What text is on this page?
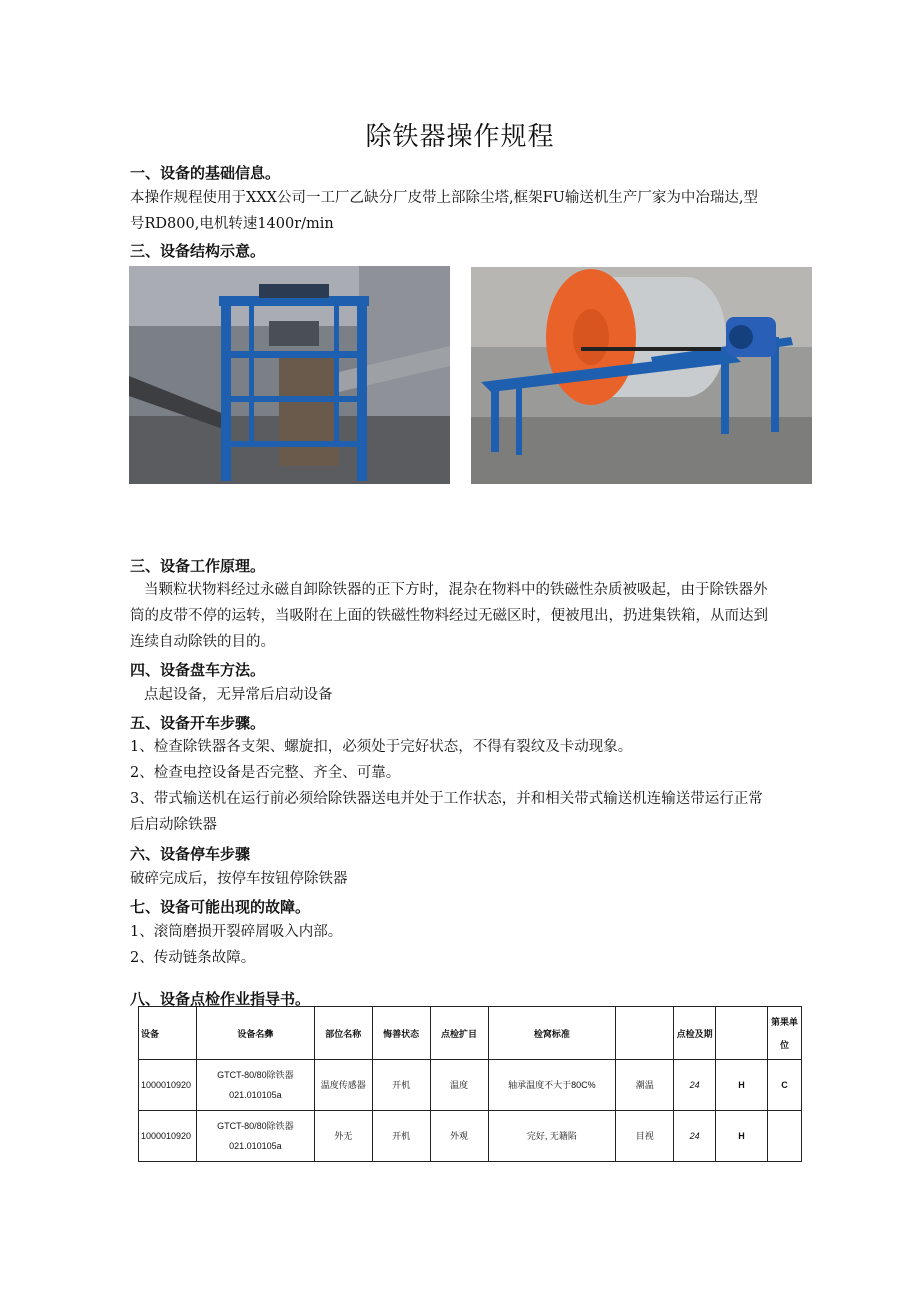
除铁器操作规程
一、设备的基础信息。
本操作规程使用于XXX公司一工厂乙缺分厂皮带上部除尘塔,框架FU输送机生产厂家为中冶瑞达,型
号RD800,电机转速1400r/min
三、设备结构示意。
三、设备工作原理。
当颗粒状物料经过永磁自卸除铁器的正下方时，混杂在物料中的铁磁性杂质被吸起，由于除铁器外
筒的皮带不停的运转，当吸附在上面的铁磁性物料经过无磁区时，便被甩出，扔进集铁箱，从而达到
连续自动除铁的目的。
四、设备盘车方法。
点起设备，无异常后启动设备
五、设备开车步骤。
1、检查除铁器各支架、螺旋扣，必须处于完好状态，不得有裂纹及卡动现象。
2、检查电控设备是否完整、齐全、可靠。
3、带式输送机在运行前必须给除铁器送电并处于工作状态，并和相关带式输送机连输送带运行正常
后启动除铁器
六、设备停车步骤
破碎完成后，按停车按钮停除铁器
七、设备可能出现的故障。
1、滚筒磨损开裂碎屑吸入内部。
2、传动链条故障。
八、设备点检作业指导书。
设备	设备名彝	部位名称	悔善状态	点检扩目	检窝标准		点检及期		第果单
位

1000010920	GTCT-80/80除铁器
021.010105a	温度传感器	开机	温度	轴承温度不大于80C%	潮温	24	H	C
1000010920	GTCT-80/80除铁器
021.010105a	外无	开机	外观	完好, 无籍陷	目视	24	H	
